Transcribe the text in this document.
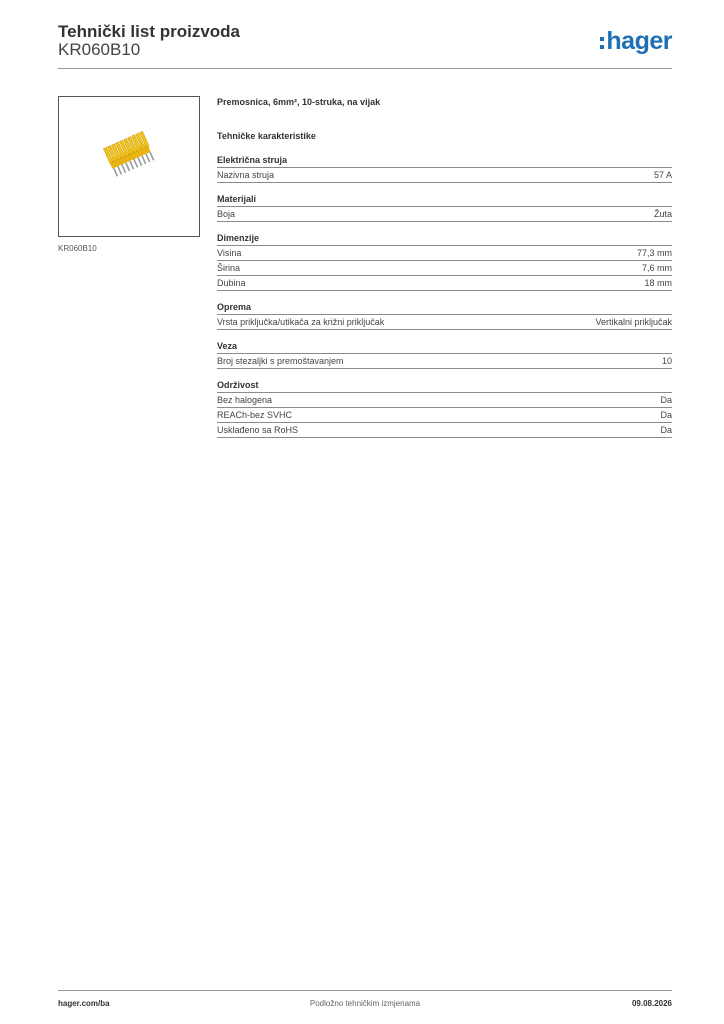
Tehnički list proizvoda
KR060B10	hager
KR060B10
Premosnica, 6mm², 10-struka, na vijak
Tehničke karakteristike
Električna struja
Nazivna struja	57 A
Materijali
Boja	Žuta
Dimenzije
Visina	77,3 mm
Širina	7,6 mm
Dubina	18 mm
Oprema
Vrsta priključka/utikača za križni priključak	Vertikalni priključak
Veza
Broj stezaljki s premoštavanjem	10
Održivost
Bez halogena	Da
REACh-bez SVHC	Da
Usklađeno sa RoHS	Da
hager.com/ba	Podložno tehničkim izmjenama	09.08.2026
